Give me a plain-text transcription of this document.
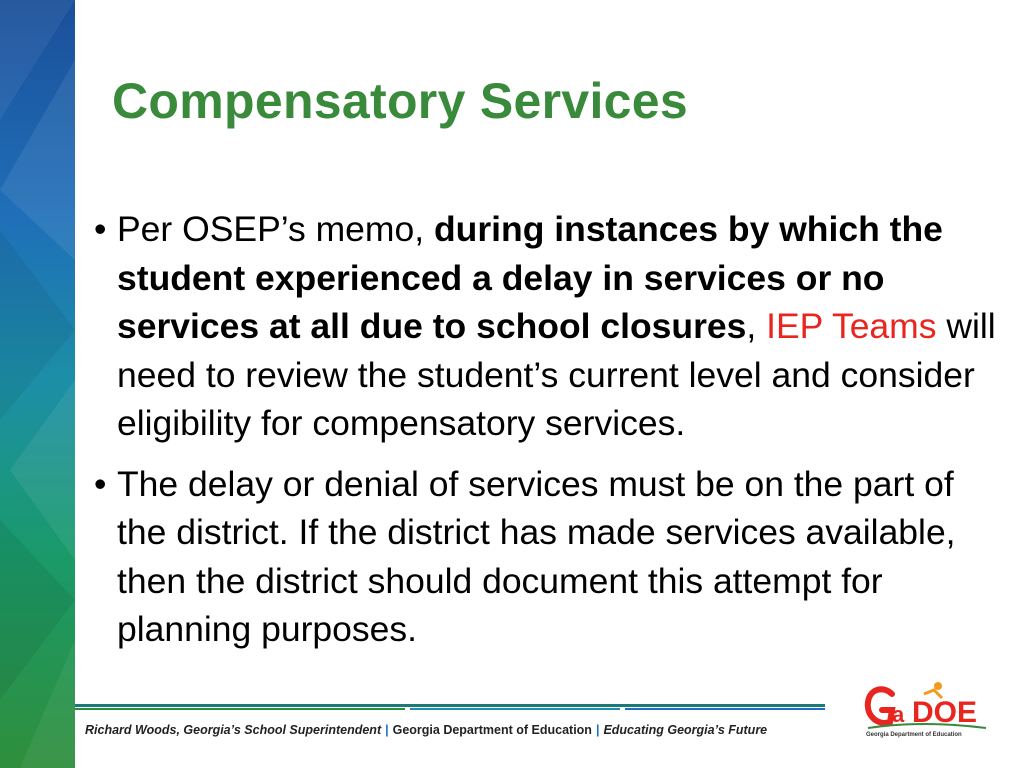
Compensatory Services
• Per OSEP’s memo, during instances by which the student experienced a delay in services or no services at all due to school closures, IEP Teams will need to review the student’s current level and consider eligibility for compensatory services.
• The delay or denial of services must be on the part of the district. If the district has made services available, then the district should document this attempt for planning purposes.
Richard Woods, Georgia’s School Superintendent | Georgia Department of Education | Educating Georgia’s Future
a DOE
Georgia Department of Education
